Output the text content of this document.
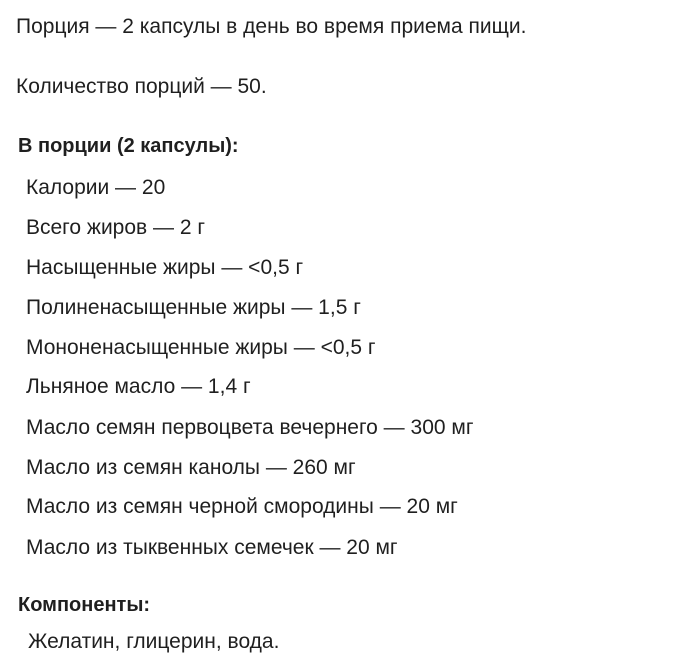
Порция — 2 капсулы в день во время приема пищи.
Количество порций — 50.
В порции (2 капсулы):
Калории — 20
Всего жиров — 2 г
Насыщенные жиры — <0,5 г
Полиненасыщенные жиры — 1,5 г
Мононенасыщенные жиры — <0,5 г
Льняное масло — 1,4 г
Масло семян первоцвета вечернего — 300 мг
Масло из семян канолы — 260 мг
Масло из семян черной смородины — 20 мг
Масло из тыквенных семечек — 20 мг
Компоненты:
Желатин, глицерин, вода.
